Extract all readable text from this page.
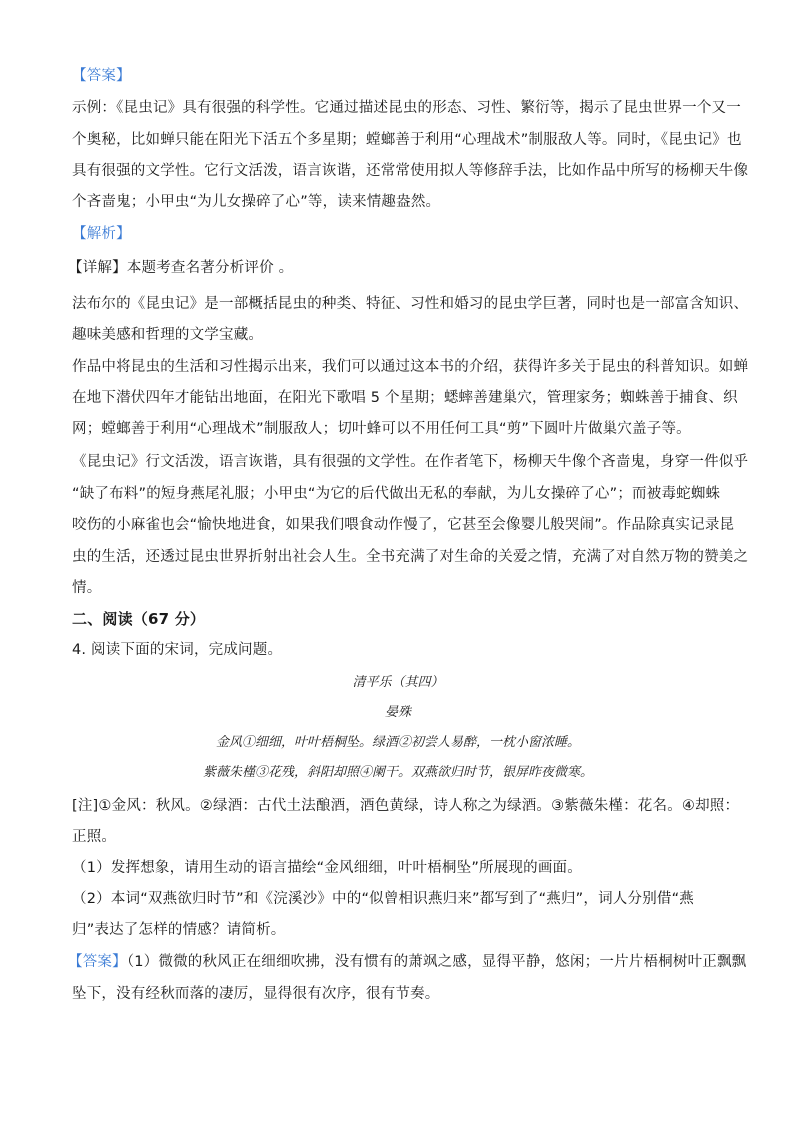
【答案】
示例：《昆虫记》具有很强的科学性。它通过描述昆虫的形态、习性、繁衍等，揭示了昆虫世界一个又一
个奥秘，比如蝉只能在阳光下活五个多星期；螳螂善于利用“心理战术”制服敌人等。同时，《昆虫记》也
具有很强的文学性。它行文活泼，语言诙谐，还常常使用拟人等修辞手法，比如作品中所写的杨柳天牛像
个吝啬鬼；小甲虫“为儿女操碎了心”等，读来情趣盎然。
【解析】
【详解】本题考查名著分析评价 。
法布尔的《昆虫记》是一部概括昆虫的种类、特征、习性和婚习的昆虫学巨著，同时也是一部富含知识、
趣味美感和哲理的文学宝藏。
作品中将昆虫的生活和习性揭示出来，我们可以通过这本书的介绍，获得许多关于昆虫的科普知识。如蝉
在地下潜伏四年才能钻出地面，在阳光下歌唱 5 个星期；蟋蟀善建巢穴，管理家务；蜘蛛善于捕食、织
网；螳螂善于利用“心理战术”制服敌人；切叶蜂可以不用任何工具“剪”下圆叶片做巢穴盖子等。
《昆虫记》行文活泼，语言诙谐，具有很强的文学性。在作者笔下，杨柳天牛像个吝啬鬼，身穿一件似乎
“缺了布料”的短身燕尾礼服；小甲虫“为它的后代做出无私的奉献，为儿女操碎了心”；而被毒蛇蜘蛛
咬伤的小麻雀也会“愉快地进食，如果我们喂食动作慢了，它甚至会像婴儿般哭闹”。作品除真实记录昆
虫的生活，还透过昆虫世界折射出社会人生。全书充满了对生命的关爱之情，充满了对自然万物的赞美之
情。
二、阅读（67 分）
4. 阅读下面的宋词，完成问题。
清平乐（其四）
晏殊
金风①细细，叶叶梧桐坠。绿酒②初尝人易醉，一枕小窗浓睡。
紫薇朱槿③花残，斜阳却照④阑干。双燕欲归时节，银屏昨夜微寒。
[注]①金风：秋风。②绿酒：古代土法酿酒，酒色黄绿，诗人称之为绿酒。③紫薇朱槿：花名。④却照：
正照。
（1）发挥想象，请用生动的语言描绘“金风细细，叶叶梧桐坠”所展现的画面。
（2）本词“双燕欲归时节”和《浣溪沙》中的“似曾相识燕归来”都写到了“燕归”，词人分别借“燕
归”表达了怎样的情感？请简析。
【答案】（1）微微的秋风正在细细吹拂，没有惯有的萧飒之感，显得平静，悠闲；一片片梧桐树叶正飘飘
坠下，没有经秋而落的凄厉，显得很有次序，很有节奏。
